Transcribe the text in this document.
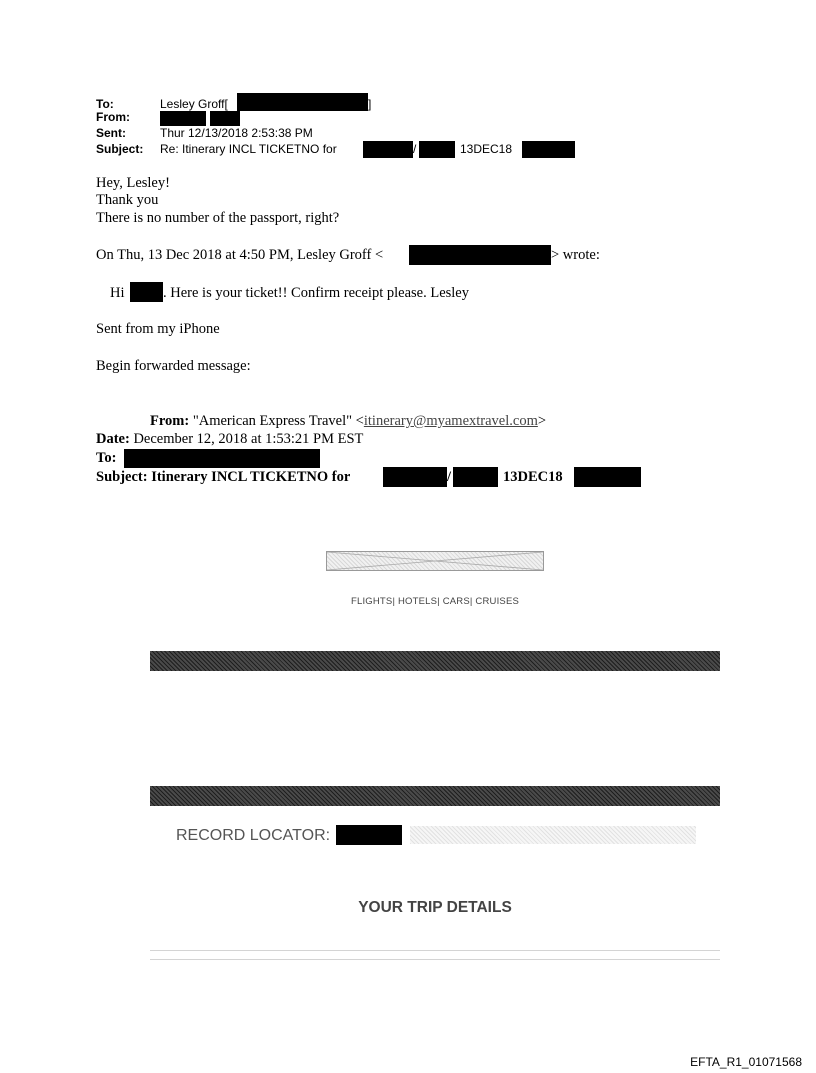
To:	Lesley Groff[	]
From:
Sent:	Thur 12/13/2018 2:53:38 PM
Subject: Re: Itinerary INCL TICKETNO for	/	13DEC18
Hey, Lesley!
Thank you
There is no number of the passport, right?
On Thu, 13 Dec 2018 at 4:50 PM, Lesley Groff <	> wrote:
Hi	. Here is your ticket!! Confirm receipt please. Lesley
Sent from my iPhone
Begin forwarded message:
From: "American Express Travel" <itinerary@myamextravel.com>
Date: December 12, 2018 at 1:53:21 PM EST
To:
Subject: Itinerary INCL TICKETNO for	/	13DEC18
FLIGHTS| HOTELS| CARS| CRUISES
RECORD LOCATOR:
YOUR TRIP DETAILS
EFTA_R1_01071568
